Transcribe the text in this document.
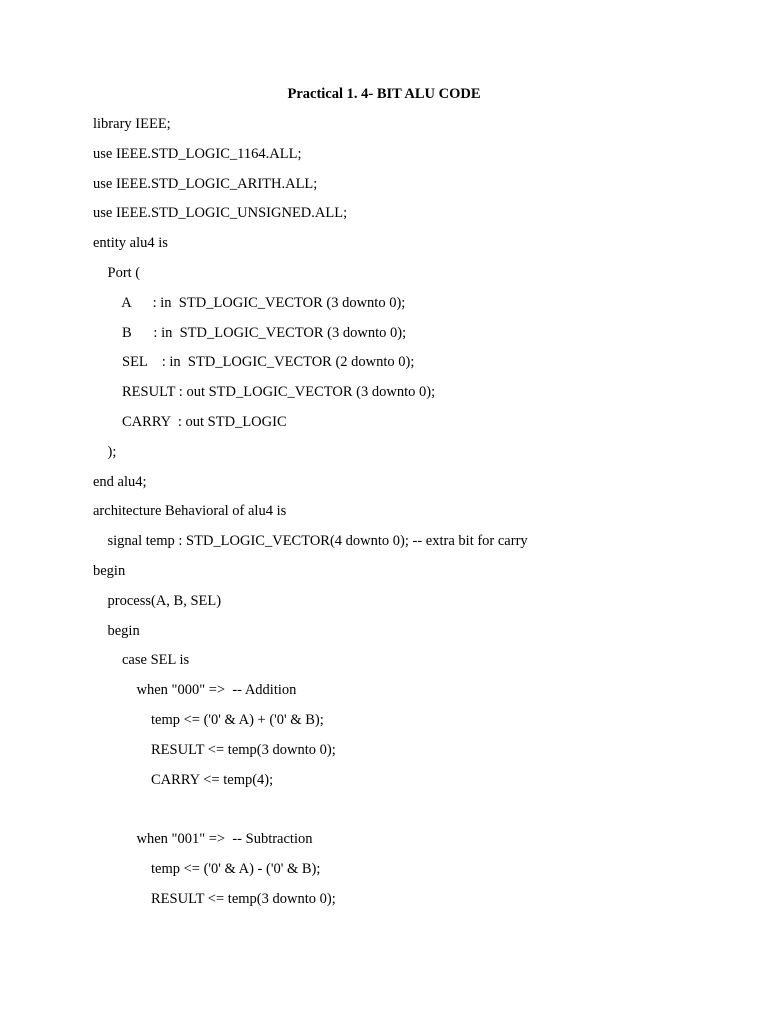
Practical 1. 4- BIT ALU CODE
library IEEE;
use IEEE.STD_LOGIC_1164.ALL;
use IEEE.STD_LOGIC_ARITH.ALL;
use IEEE.STD_LOGIC_UNSIGNED.ALL;
entity alu4 is
Port (
A      : in  STD_LOGIC_VECTOR (3 downto 0);
B      : in  STD_LOGIC_VECTOR (3 downto 0);
SEL    : in  STD_LOGIC_VECTOR (2 downto 0);
RESULT : out STD_LOGIC_VECTOR (3 downto 0);
CARRY  : out STD_LOGIC
);
end alu4;
architecture Behavioral of alu4 is
signal temp : STD_LOGIC_VECTOR(4 downto 0); -- extra bit for carry
begin
process(A, B, SEL)
begin
case SEL is
when "000" =>  -- Addition
temp <= ('0' & A) + ('0' & B);
RESULT <= temp(3 downto 0);
CARRY <= temp(4);
when "001" =>  -- Subtraction
temp <= ('0' & A) - ('0' & B);
RESULT <= temp(3 downto 0);
